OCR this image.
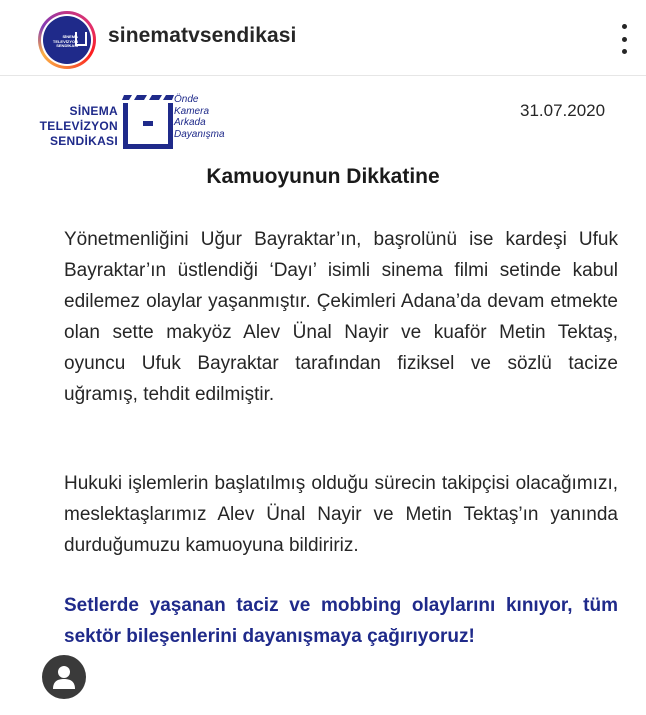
SİNEMA
TELEVİZYON
SENDİKASI sinematvsendikasi
SİNEMA
TELEVİZYON
SENDİKASI
Önde
Kamera
Arkada
Dayanışma
31.07.2020
Kamuoyunun Dikkatine

Yönetmenliğini Uğur Bayraktar’ın, başrolünü ise kardeşi Ufuk Bayraktar’ın üstlendiği ‘Dayı’ isimli sinema filmi setinde kabul edilemez olaylar yaşanmıştır. Çekimleri Adana’da devam etmekte olan sette makyöz Alev Ünal Nayir ve kuaför Metin Tektaş, oyuncu Ufuk Bayraktar tarafından fiziksel ve sözlü tacize uğramış, tehdit edilmiştir.

Hukuki işlemlerin başlatılmış olduğu sürecin takipçisi olacağımızı, meslektaşlarımız Alev Ünal Nayir ve Metin Tektaş’ın yanında durduğumuzu kamuoyuna bildiririz.

Setlerde yaşanan taciz ve mobbing olaylarını kınıyor, tüm sektör bileşenlerini dayanışmaya çağırıyoruz!
